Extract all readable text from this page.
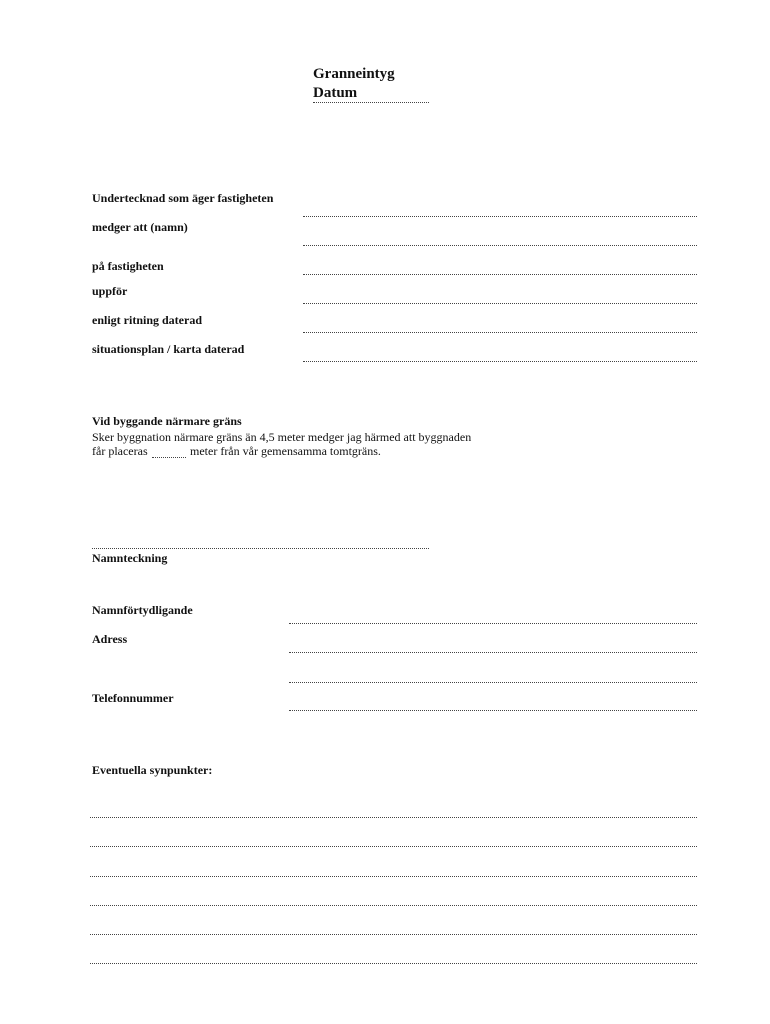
Granneintyg
Datum
Undertecknad som äger fastigheten
medger att (namn)
på fastigheten
uppför
enligt ritning daterad
situationsplan / karta daterad
Vid byggande närmare gräns
Sker byggnation närmare gräns än 4,5 meter medger jag härmed att byggnaden
får placeras	meter från vår gemensamma tomtgräns.
Namnteckning
Namnförtydligande
Adress
Telefonnummer
Eventuella synpunkter:
